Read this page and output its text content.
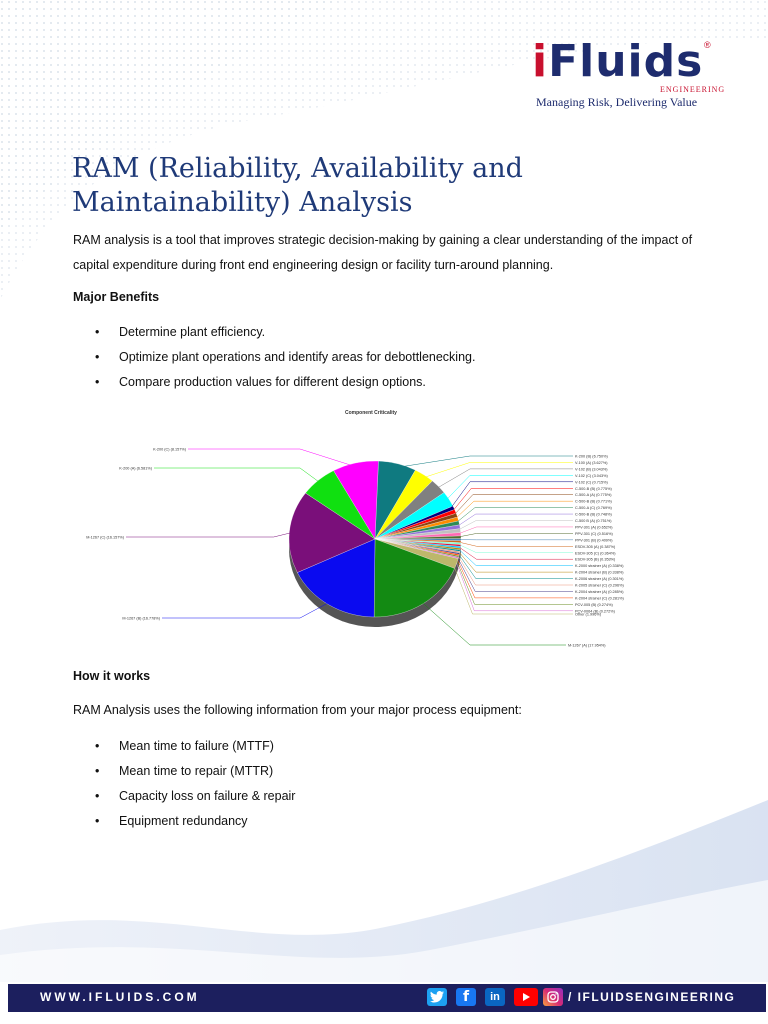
iFluids ®
ENGINEERING
Managing Risk, Delivering Value
RAM (Reliability, Availability and Maintainability) Analysis

RAM analysis is a tool that improves strategic decision-making by gaining a clear understanding of the impact of capital expenditure during front end engineering design or facility turn-around planning.

Major Benefits
• Determine plant efficiency.
• Optimize plant operations and identify areas for debottlenecking.
• Compare production values for different design options.
Component Criticality
K-200 (B) (6.750%)
V-100 (A) (3.627%)
V-102 (B) (3.043%)
V-102 (C) (3.043%)
V-102 (C) (0.715%)
C-500-B (B) (0.775%)
C-500-A (A) (0.775%)
C-500-B (B) (0.771%)
C-500-A (C) (0.769%)
C-500-B (B) (0.748%)
C-500 B (A) (0.751%)
PPV-301 (A) (0.652%)
PPV-301 (C) (0.516%)
PPV-301 (B) (0.409%)
ESDV-305 (A) (0.387%)
ESDV-305 (C) (0.364%)
ESDV-305 (B) (0.353%)
K-2000 strainer (A) (0.338%)
K-2004 strainer (B) (0.338%)
K-2006 strainer (A) (0.301%)
K-2005 strainer (C) (0.296%)
K-2004 strainer (A) (0.285%)
K-2004 strainer (C) (0.281%)
PCV-005 (B) (0.274%)
PCV-0064 (B) (0.272%)
Other (1.996%)
M-1267 (A) (17.954%)
M-1267 (B) (16.778%)
M-1267 (C) (16.157%)
K-200 (A) (6.581%)
K-200 (C) (8.157%)
How it works

RAM Analysis uses the following information from your major process equipment:

• Mean time to failure (MTTF)
• Mean time to repair (MTTR)
• Capacity loss on failure & repair
• Equipment redundancy
WWW.IFLUIDS.COM	f	in	/ IFLUIDSENGINEERING
